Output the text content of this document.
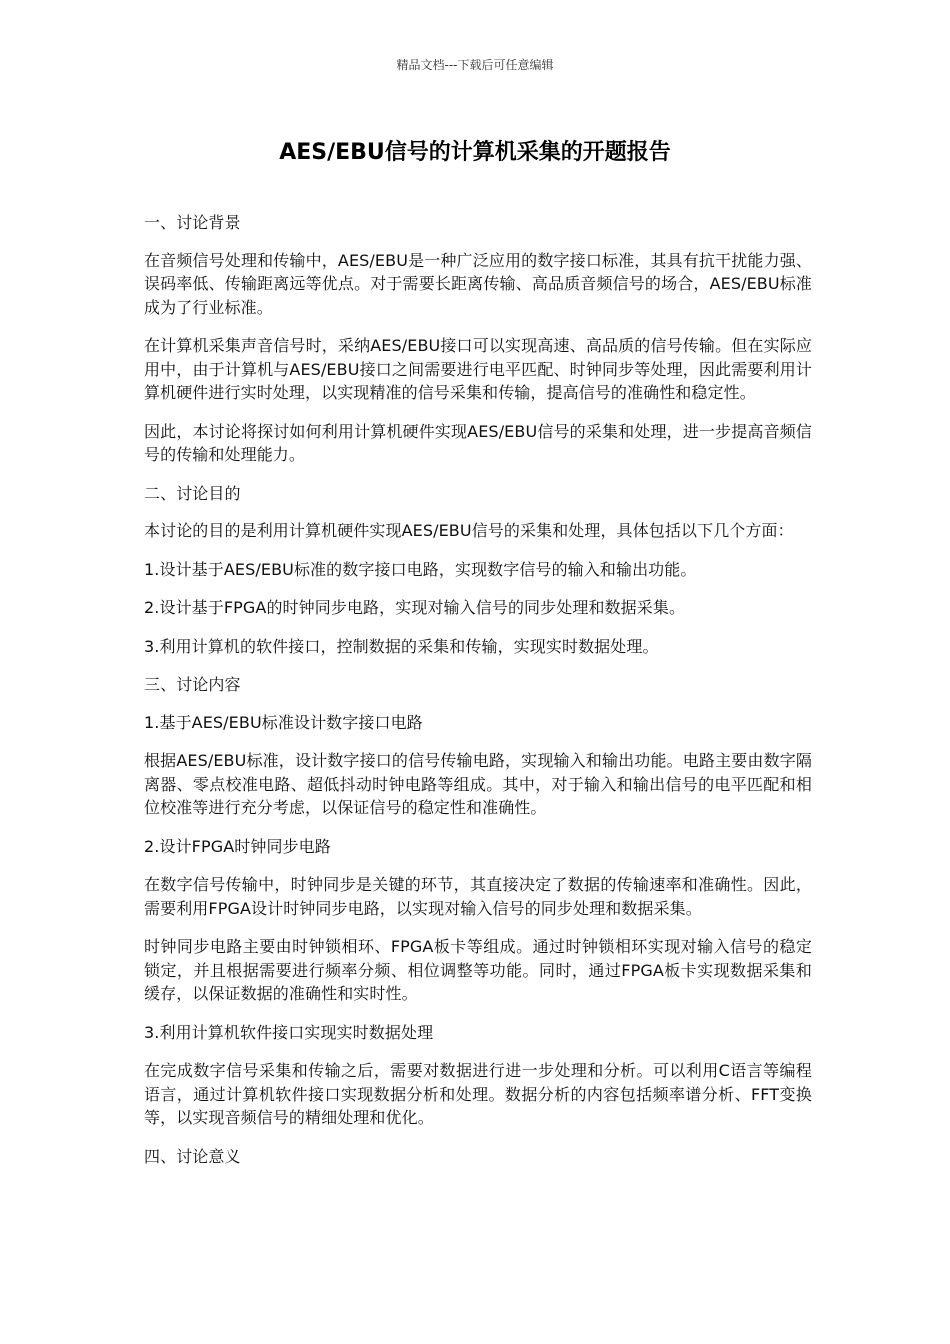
精品文档---下载后可任意编辑
AES/EBU信号的计算机采集的开题报告

一、讨论背景

在音频信号处理和传输中，AES/EBU是一种广泛应用的数字接口标准，其具有抗干扰能力强、误码率低、传输距离远等优点。对于需要长距离传输、高品质音频信号的场合，AES/EBU标准成为了行业标准。

在计算机采集声音信号时，采纳AES/EBU接口可以实现高速、高品质的信号传输。但在实际应用中，由于计算机与AES/EBU接口之间需要进行电平匹配、时钟同步等处理，因此需要利用计算机硬件进行实时处理，以实现精准的信号采集和传输，提高信号的准确性和稳定性。

因此，本讨论将探讨如何利用计算机硬件实现AES/EBU信号的采集和处理，进一步提高音频信号的传输和处理能力。

二、讨论目的

本讨论的目的是利用计算机硬件实现AES/EBU信号的采集和处理，具体包括以下几个方面：

1.设计基于AES/EBU标准的数字接口电路，实现数字信号的输入和输出功能。

2.设计基于FPGA的时钟同步电路，实现对输入信号的同步处理和数据采集。

3.利用计算机的软件接口，控制数据的采集和传输，实现实时数据处理。

三、讨论内容

1.基于AES/EBU标准设计数字接口电路

根据AES/EBU标准，设计数字接口的信号传输电路，实现输入和输出功能。电路主要由数字隔离器、零点校准电路、超低抖动时钟电路等组成。其中，对于输入和输出信号的电平匹配和相位校准等进行充分考虑，以保证信号的稳定性和准确性。

2.设计FPGA时钟同步电路

在数字信号传输中，时钟同步是关键的环节，其直接决定了数据的传输速率和准确性。因此，需要利用FPGA设计时钟同步电路，以实现对输入信号的同步处理和数据采集。

时钟同步电路主要由时钟锁相环、FPGA板卡等组成。通过时钟锁相环实现对输入信号的稳定锁定，并且根据需要进行频率分频、相位调整等功能。同时，通过FPGA板卡实现数据采集和缓存，以保证数据的准确性和实时性。

3.利用计算机软件接口实现实时数据处理

在完成数字信号采集和传输之后，需要对数据进行进一步处理和分析。可以利用C语言等编程语言，通过计算机软件接口实现数据分析和处理。数据分析的内容包括频率谱分析、FFT变换等，以实现音频信号的精细处理和优化。

四、讨论意义
